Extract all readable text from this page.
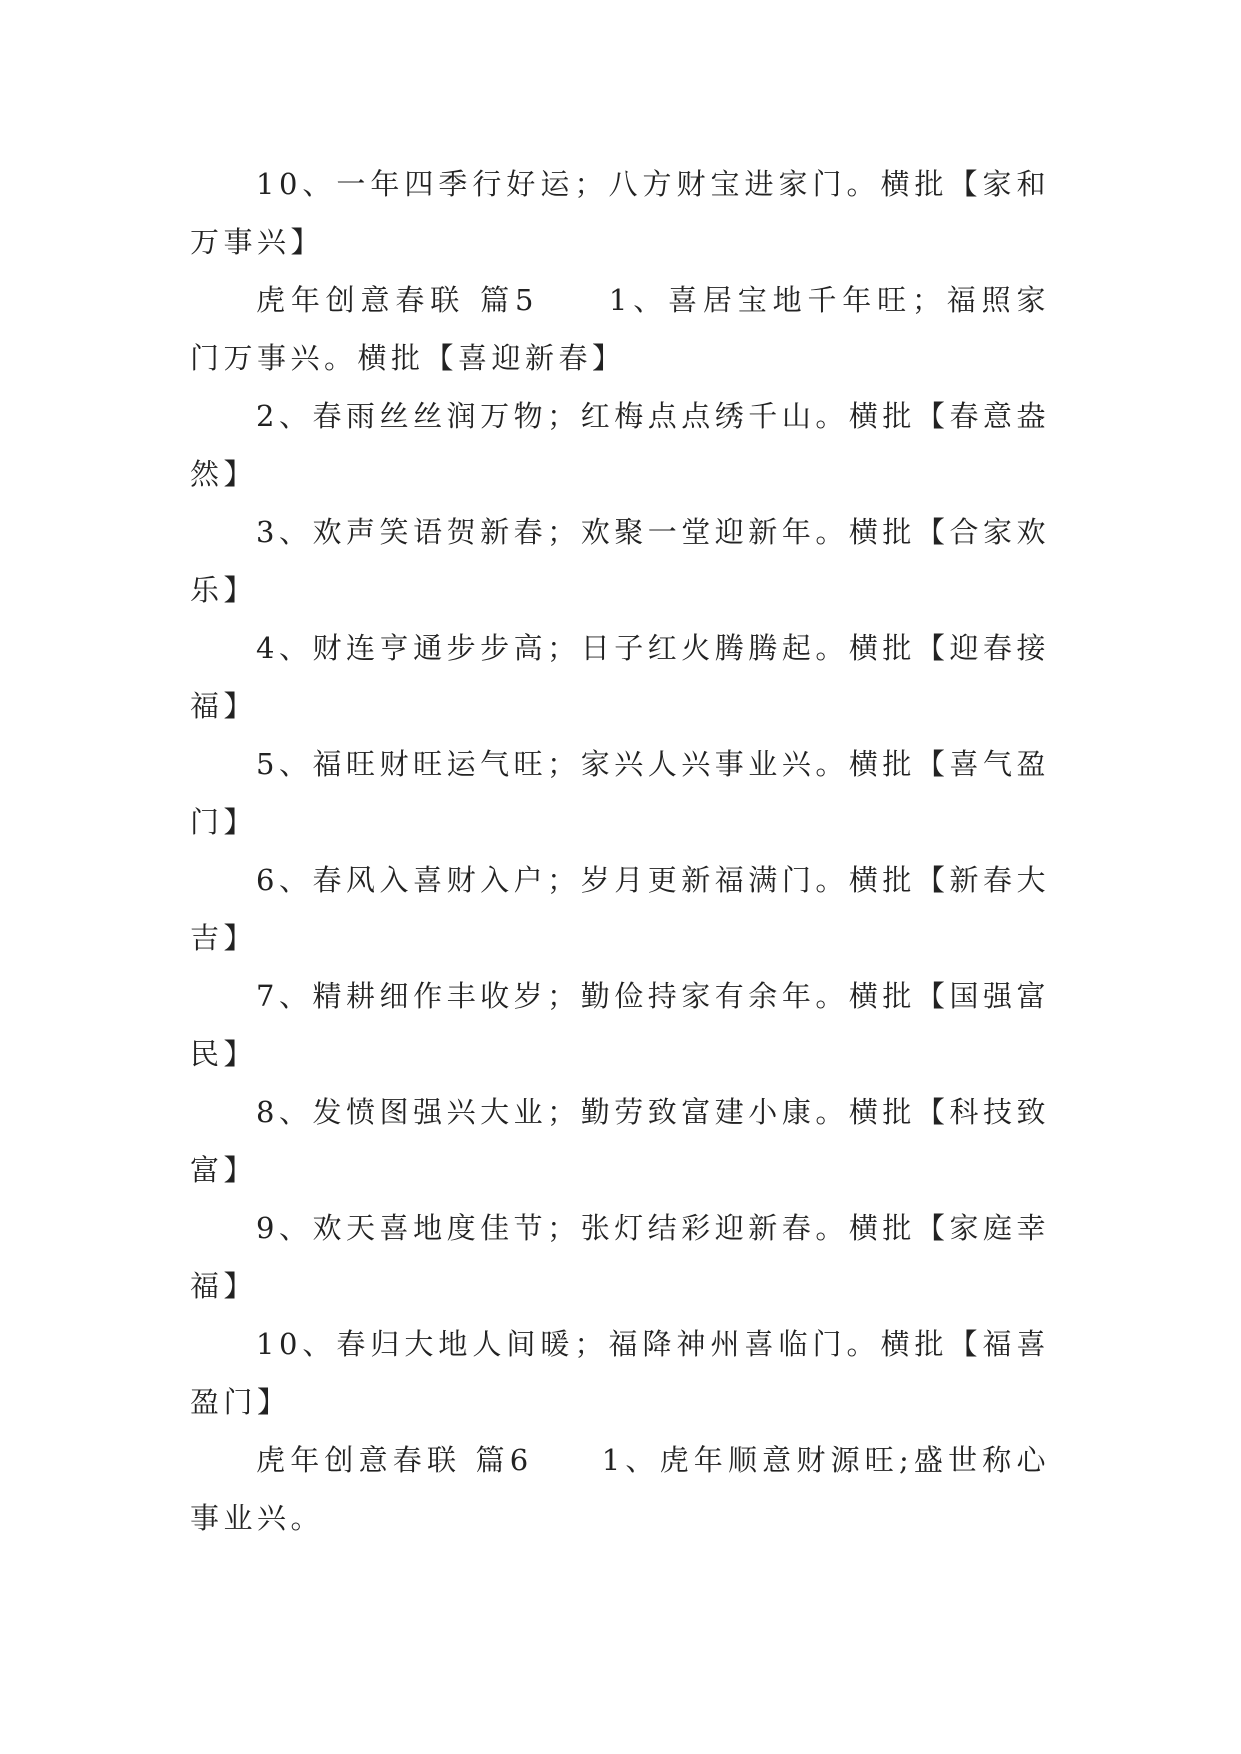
10、一年四季行好运；八方财宝进家门。横批【家和万事兴】

虎年创意春联 篇5　　1、喜居宝地千年旺；福照家门万事兴。横批【喜迎新春】

2、春雨丝丝润万物；红梅点点绣千山。横批【春意盎然】

3、欢声笑语贺新春；欢聚一堂迎新年。横批【合家欢乐】

4、财连亨通步步高；日子红火腾腾起。横批【迎春接福】

5、福旺财旺运气旺；家兴人兴事业兴。横批【喜气盈门】

6、春风入喜财入户；岁月更新福满门。横批【新春大吉】

7、精耕细作丰收岁；勤俭持家有余年。横批【国强富民】

8、发愤图强兴大业；勤劳致富建小康。横批【科技致富】

9、欢天喜地度佳节；张灯结彩迎新春。横批【家庭幸福】

10、春归大地人间暖；福降神州喜临门。横批【福喜盈门】

虎年创意春联 篇6　　1、虎年顺意财源旺;盛世称心事业兴。
